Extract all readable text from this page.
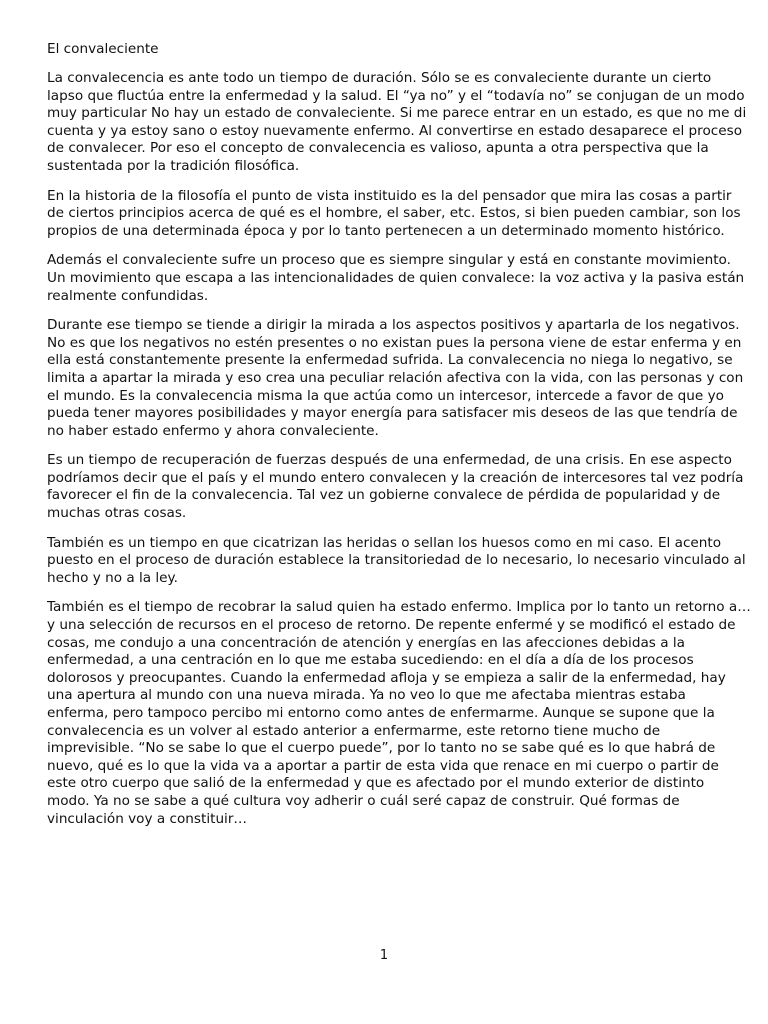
El convaleciente

La convalecencia es ante todo un tiempo de duración. Sólo se es convaleciente durante un cierto lapso que fluctúa entre la enfermedad y la salud. El “ya no” y el “todavía no” se conjugan de un modo muy particular No hay un estado de convaleciente. Si me parece entrar en un estado, es que no me di cuenta y ya estoy sano o estoy nuevamente enfermo. Al convertirse en estado desaparece el proceso de convalecer. Por eso el concepto de convalecencia es valioso, apunta a otra perspectiva que la sustentada por la tradición filosófica.

En la historia de la filosofía el punto de vista instituido es la del pensador que mira las cosas a partir de ciertos principios acerca de qué es el hombre, el saber, etc. Estos, si bien pueden cambiar, son los propios de una determinada época y por lo tanto pertenecen a un determinado momento histórico.

Además el convaleciente sufre un proceso que es siempre singular y está en constante movimiento. Un movimiento que escapa a las intencionalidades de quien convalece: la voz activa y la pasiva están realmente confundidas.

Durante ese tiempo se tiende a dirigir la mirada a los aspectos positivos y apartarla de los negativos. No es que los negativos no estén presentes o no existan pues la persona viene de estar enferma y en ella está constantemente presente la enfermedad sufrida. La convalecencia no niega lo negativo, se limita a apartar la mirada y eso crea una peculiar relación afectiva con la vida, con las personas y con el mundo. Es la convalecencia misma la que actúa como un intercesor, intercede a favor de que yo pueda tener mayores posibilidades y mayor energía para satisfacer mis deseos de las que tendría de no haber estado enfermo y ahora convaleciente.

Es un tiempo de recuperación de fuerzas después de una enfermedad, de una crisis. En ese aspecto podríamos decir que el país y el mundo entero convalecen y la creación de intercesores tal vez podría favorecer el fin de la convalecencia. Tal vez un gobierne convalece de pérdida de popularidad y de muchas otras cosas.

También es un tiempo en que cicatrizan las heridas o sellan los huesos como en mi caso. El acento puesto en el proceso de duración establece la transitoriedad de lo necesario, lo necesario vinculado al hecho y no a la ley.

También es el tiempo de recobrar la salud quien ha estado enfermo. Implica por lo tanto un retorno a… y una selección de recursos en el proceso de retorno. De repente enfermé y se modificó el estado de cosas, me condujo a una concentración de atención y energías en las afecciones debidas a la enfermedad, a una centración en lo que me estaba sucediendo: en el día a día de los procesos dolorosos y preocupantes. Cuando la enfermedad afloja y se empieza a salir de la enfermedad, hay una apertura al mundo con una nueva mirada. Ya no veo lo que me afectaba mientras estaba enferma, pero tampoco percibo mi entorno como antes de enfermarme. Aunque se supone que la convalecencia es un volver al estado anterior a enfermarme, este retorno tiene mucho de imprevisible. “No se sabe lo que el cuerpo puede”, por lo tanto no se sabe qué es lo que habrá de nuevo, qué es lo que la vida va a aportar a partir de esta vida que renace en mi cuerpo o partir de este otro cuerpo que salió de la enfermedad y que es afectado por el mundo exterior de distinto modo. Ya no se sabe a qué cultura voy adherir o cuál seré capaz de construir. Qué formas de vinculación voy a constituir…

1
